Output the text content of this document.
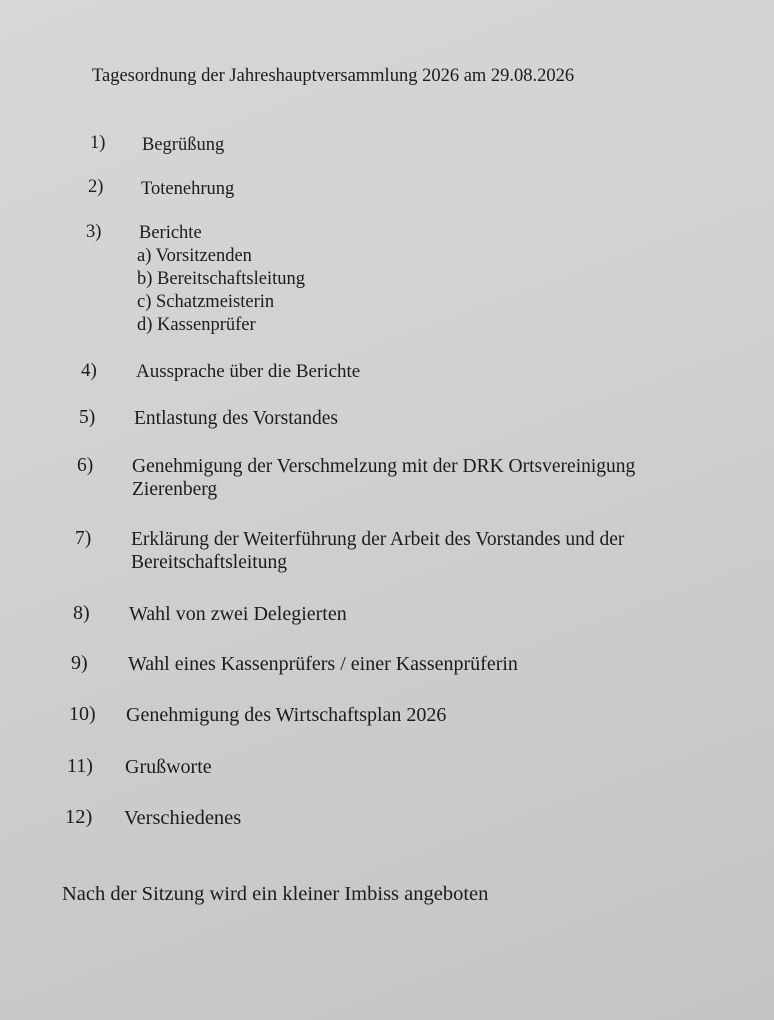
Tagesordnung der Jahreshauptversammlung 2026 am 29.08.2026
1) Begrüßung
2) Totenehrung
3) Berichte
a) Vorsitzenden
b) Bereitschaftsleitung
c) Schatzmeisterin
d) Kassenprüfer
4) Aussprache über die Berichte
5) Entlastung des Vorstandes
6) Genehmigung der Verschmelzung mit der DRK Ortsvereinigung
Zierenberg
7) Erklärung der Weiterführung der Arbeit des Vorstandes und der
Bereitschaftsleitung
8) Wahl von zwei Delegierten
9) Wahl eines Kassenprüfers / einer Kassenprüferin
10) Genehmigung des Wirtschaftsplan 2026
11) Grußworte
12) Verschiedenes
Nach der Sitzung wird ein kleiner Imbiss angeboten
